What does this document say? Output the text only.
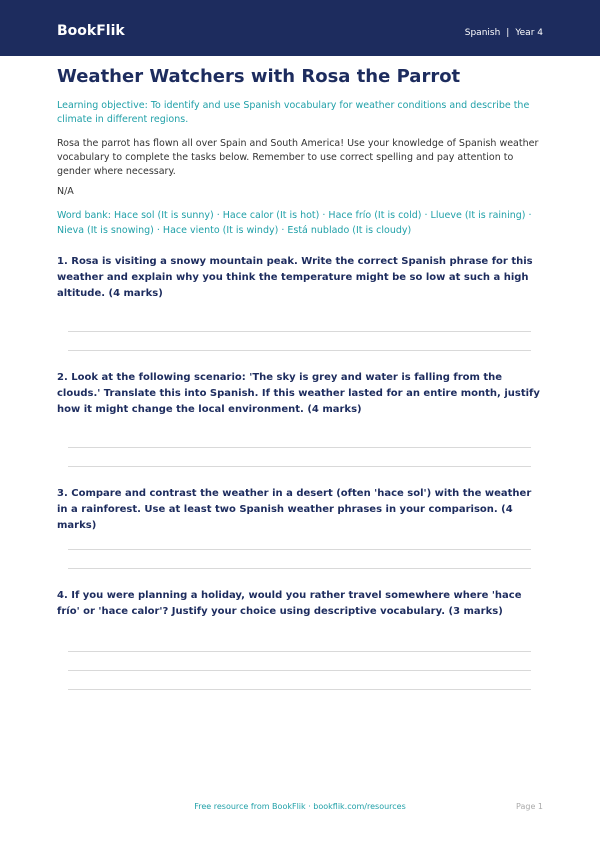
BookFlik	Spanish | Year 4
Weather Watchers with Rosa the Parrot
Learning objective: To identify and use Spanish vocabulary for weather conditions and describe the climate in different regions.
Rosa the parrot has flown all over Spain and South America! Use your knowledge of Spanish weather vocabulary to complete the tasks below. Remember to use correct spelling and pay attention to gender where necessary.
N/A
Word bank: Hace sol (It is sunny) · Hace calor (It is hot) · Hace frío (It is cold) · Llueve (It is raining) · Nieva (It is snowing) · Hace viento (It is windy) · Está nublado (It is cloudy)
1. Rosa is visiting a snowy mountain peak. Write the correct Spanish phrase for this weather and explain why you think the temperature might be so low at such a high altitude. (4 marks)
2. Look at the following scenario: 'The sky is grey and water is falling from the clouds.' Translate this into Spanish. If this weather lasted for an entire month, justify how it might change the local environment. (4 marks)
3. Compare and contrast the weather in a desert (often 'hace sol') with the weather in a rainforest. Use at least two Spanish weather phrases in your comparison. (4 marks)
4. If you were planning a holiday, would you rather travel somewhere where 'hace frío' or 'hace calor'? Justify your choice using descriptive vocabulary. (3 marks)
Free resource from BookFlik · bookflik.com/resources	Page 1
